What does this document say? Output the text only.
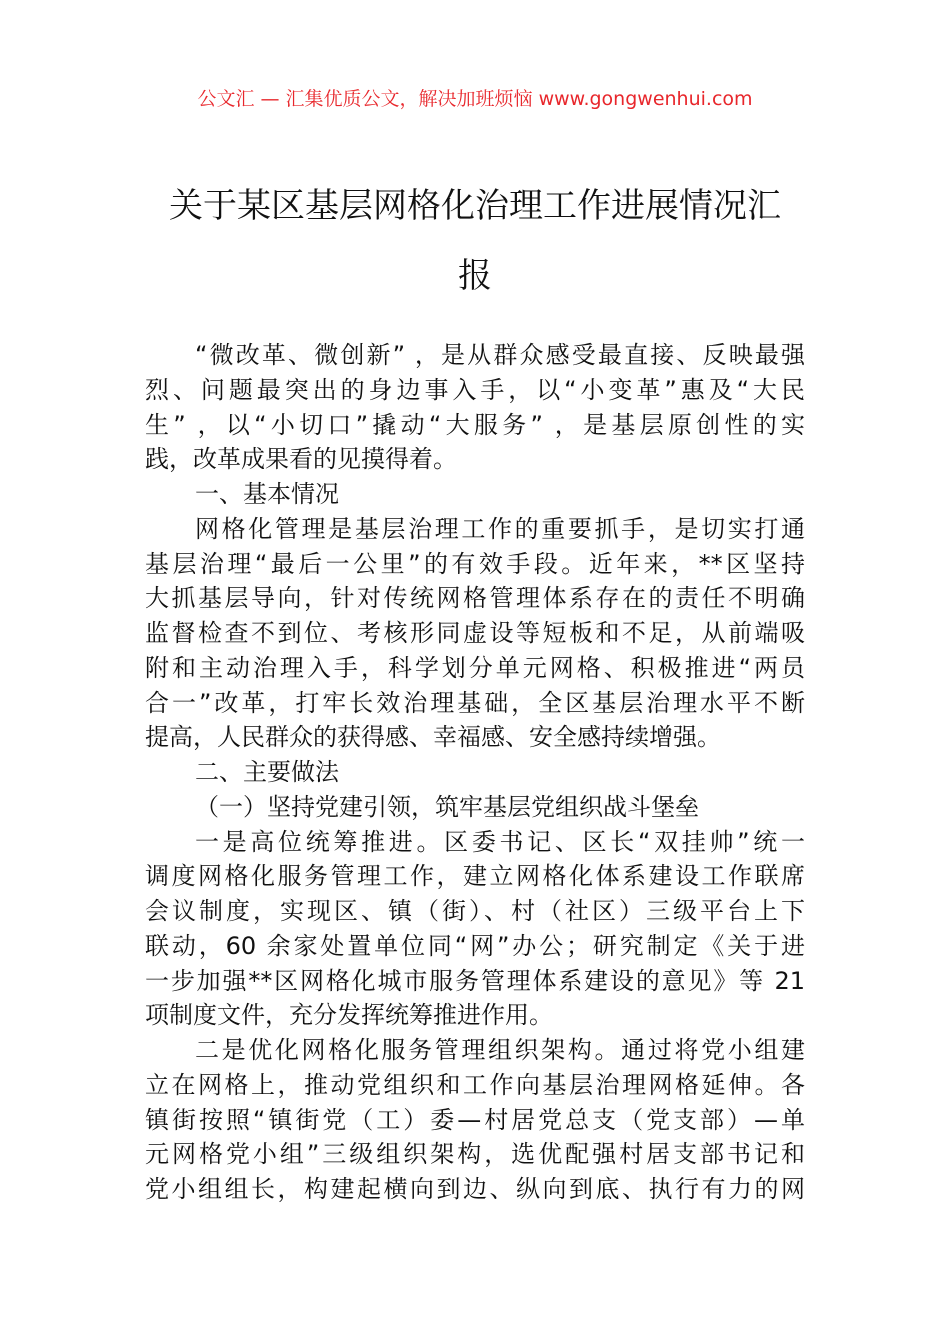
公文汇 — 汇集优质公文，解决加班烦恼 www.gongwenhui.com
关于某区基层网格化治理工作进展情况汇
报
“微改革、微创新” ，是从群众感受最直接、反映最强
烈、问题最突出的身边事入手，以“小变革”惠及“大民
生” ，以“小切口”撬动“大服务” ，是基层原创性的实
践，改革成果看的见摸得着。
一、基本情况
网格化管理是基层治理工作的重要抓手，是切实打通
基层治理“最后一公里”的有效手段。近年来，**区坚持
大抓基层导向，针对传统网格管理体系存在的责任不明确
监督检查不到位、考核形同虚设等短板和不足，从前端吸
附和主动治理入手，科学划分单元网格、积极推进“两员
合一”改革，打牢长效治理基础，全区基层治理水平不断
提高，人民群众的获得感、幸福感、安全感持续增强。
二、主要做法
（一）坚持党建引领，筑牢基层党组织战斗堡垒
一是高位统筹推进。区委书记、区长“双挂帅”统一
调度网格化服务管理工作，建立网格化体系建设工作联席
会议制度，实现区、镇（街）、村（社区）三级平台上下
联动，60 余家处置单位同“网”办公；研究制定《关于进
一步加强**区网格化城市服务管理体系建设的意见》等 21
项制度文件，充分发挥统筹推进作用。
二是优化网格化服务管理组织架构。通过将党小组建
立在网格上，推动党组织和工作向基层治理网格延伸。各
镇街按照“镇街党（工）委—村居党总支（党支部）—单
元网格党小组”三级组织架构，选优配强村居支部书记和
党小组组长，构建起横向到边、纵向到底、执行有力的网
